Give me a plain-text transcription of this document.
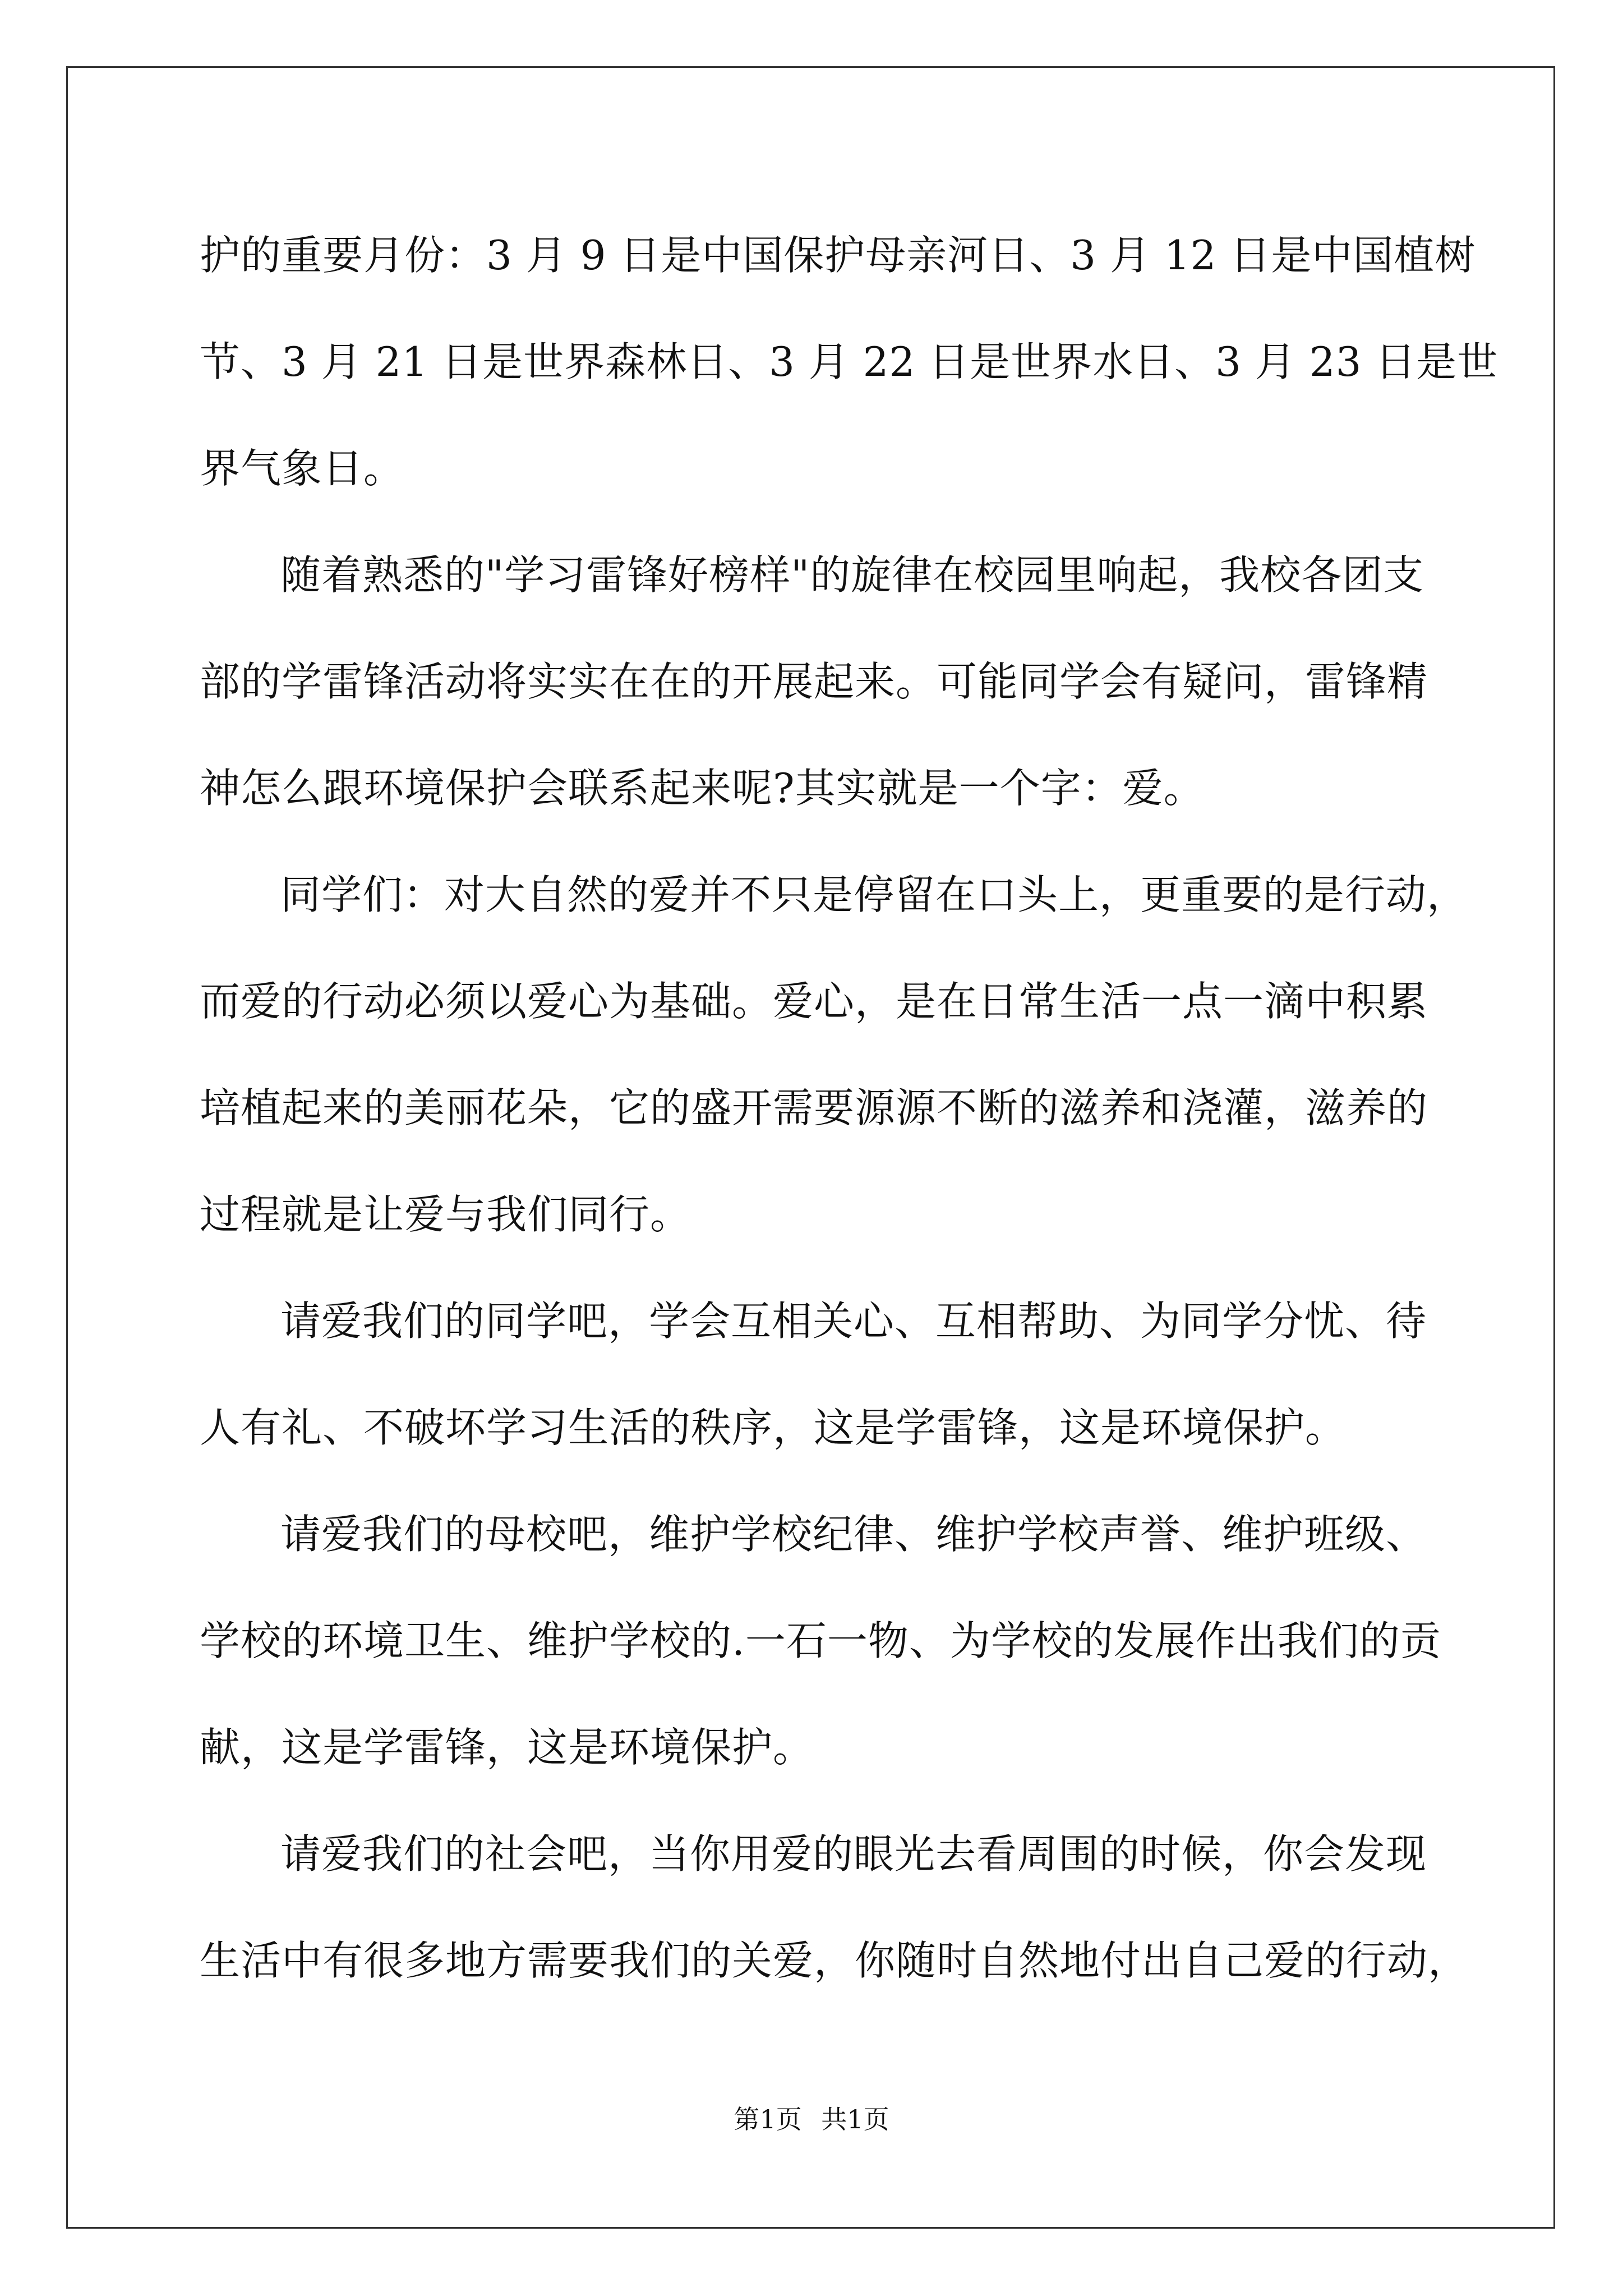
护的重要月份：3 月 9 日是中国保护母亲河日、3 月 12 日是中国植树
节、3 月 21 日是世界森林日、3 月 22 日是世界水日、3 月 23 日是世
界气象日。
随着熟悉的"学习雷锋好榜样"的旋律在校园里响起，我校各团支
部的学雷锋活动将实实在在的开展起来。可能同学会有疑问，雷锋精
神怎么跟环境保护会联系起来呢?其实就是一个字：爱。
同学们：对大自然的爱并不只是停留在口头上，更重要的是行动，
而爱的行动必须以爱心为基础。爱心，是在日常生活一点一滴中积累
培植起来的美丽花朵，它的盛开需要源源不断的滋养和浇灌，滋养的
过程就是让爱与我们同行。
请爱我们的同学吧，学会互相关心、互相帮助、为同学分忧、待
人有礼、不破坏学习生活的秩序，这是学雷锋，这是环境保护。
请爱我们的母校吧，维护学校纪律、维护学校声誉、维护班级、
学校的环境卫生、维护学校的.一石一物、为学校的发展作出我们的贡
献，这是学雷锋，这是环境保护。
请爱我们的社会吧，当你用爱的眼光去看周围的时候，你会发现
生活中有很多地方需要我们的关爱，你随时自然地付出自己爱的行动，
第1页 共1页
